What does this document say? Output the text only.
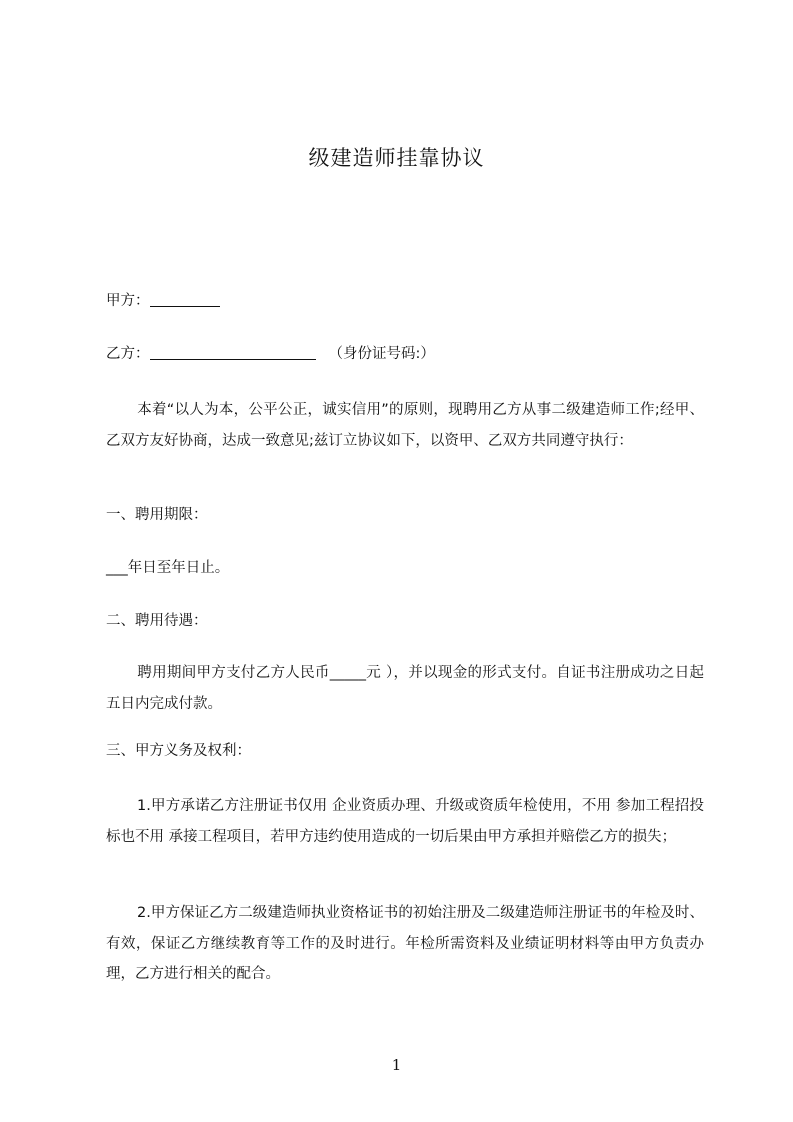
级建造师挂靠协议
甲方：
乙方：	（身份证号码:）
本着“以人为本，公平公正，诚实信用”的原则，现聘用乙方从事二级建造师工作;经甲、乙双方友好协商，达成一致意见;兹订立协议如下，以资甲、乙双方共同遵守执行：
一、聘用期限：
___年日至年日止。
二、聘用待遇：
聘用期间甲方支付乙方人民币_____元 ），并以现金的形式支付。自证书注册成功之日起五日内完成付款。
三、甲方义务及权利：
1.甲方承诺乙方注册证书仅用 企业资质办理、升级或资质年检使用，不用 参加工程招投标也不用 承接工程项目，若甲方违约使用造成的一切后果由甲方承担并赔偿乙方的损失；
2.甲方保证乙方二级建造师执业资格证书的初始注册及二级建造师注册证书的年检及时、有效，保证乙方继续教育等工作的及时进行。年检所需资料及业绩证明材料等由甲方负责办理，乙方进行相关的配合。
1
